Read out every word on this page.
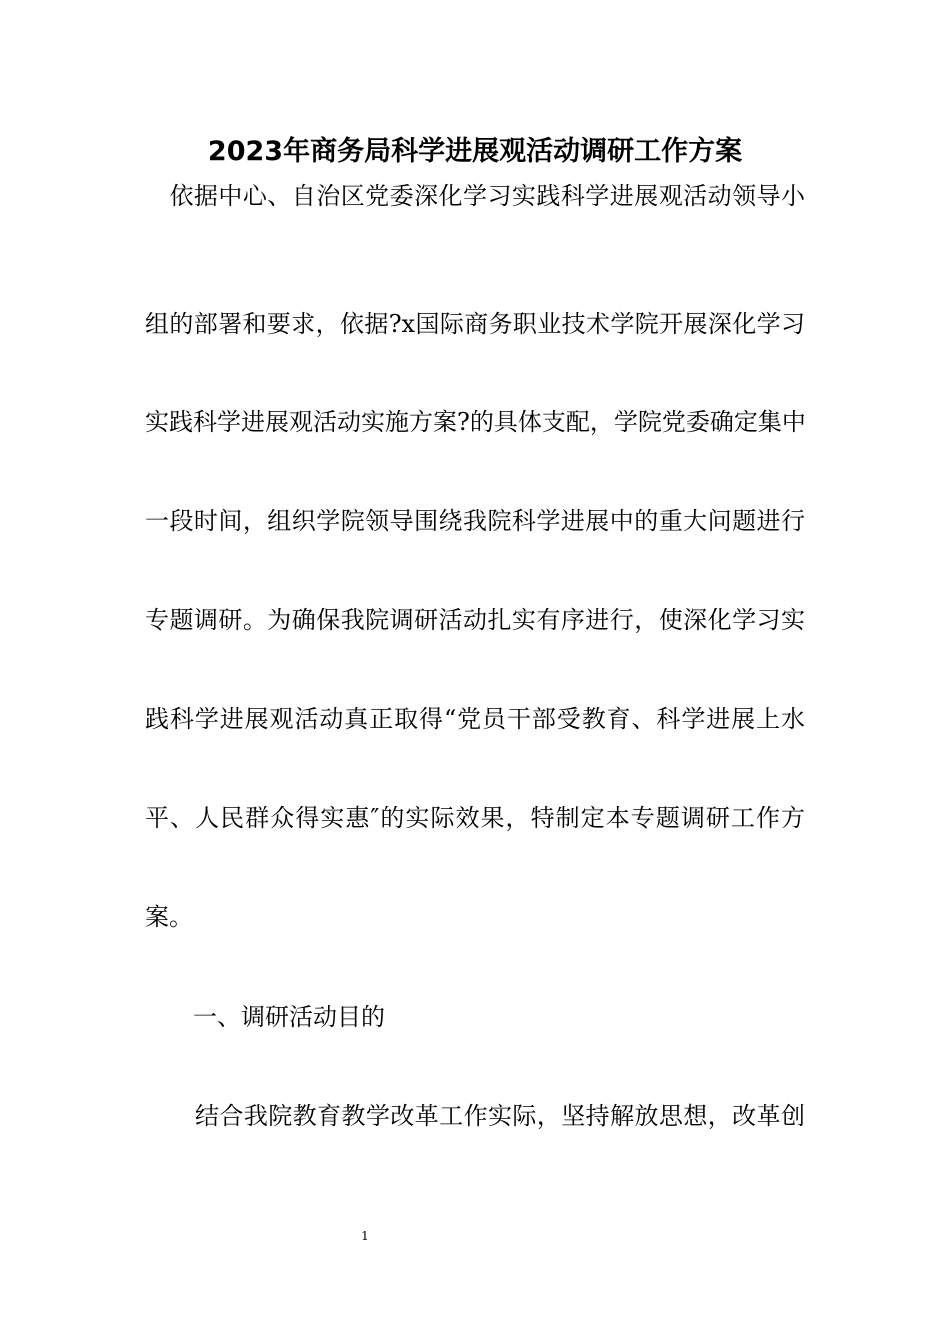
2023年商务局科学进展观活动调研工作方案
　依据中心、自治区党委深化学习实践科学进展观活动领导小
组的部署和要求，依据?x国际商务职业技术学院开展深化学习
实践科学进展观活动实施方案?的具体支配，学院党委确定集中
一段时间，组织学院领导围绕我院科学进展中的重大问题进行
专题调研。为确保我院调研活动扎实有序进行，使深化学习实
践科学进展观活动真正取得“党员干部受教育、科学进展上水
平、人民群众得实惠″的实际效果，特制定本专题调研工作方
案。
一、调研活动目的
结合我院教育教学改革工作实际，坚持解放思想，改革创
1
